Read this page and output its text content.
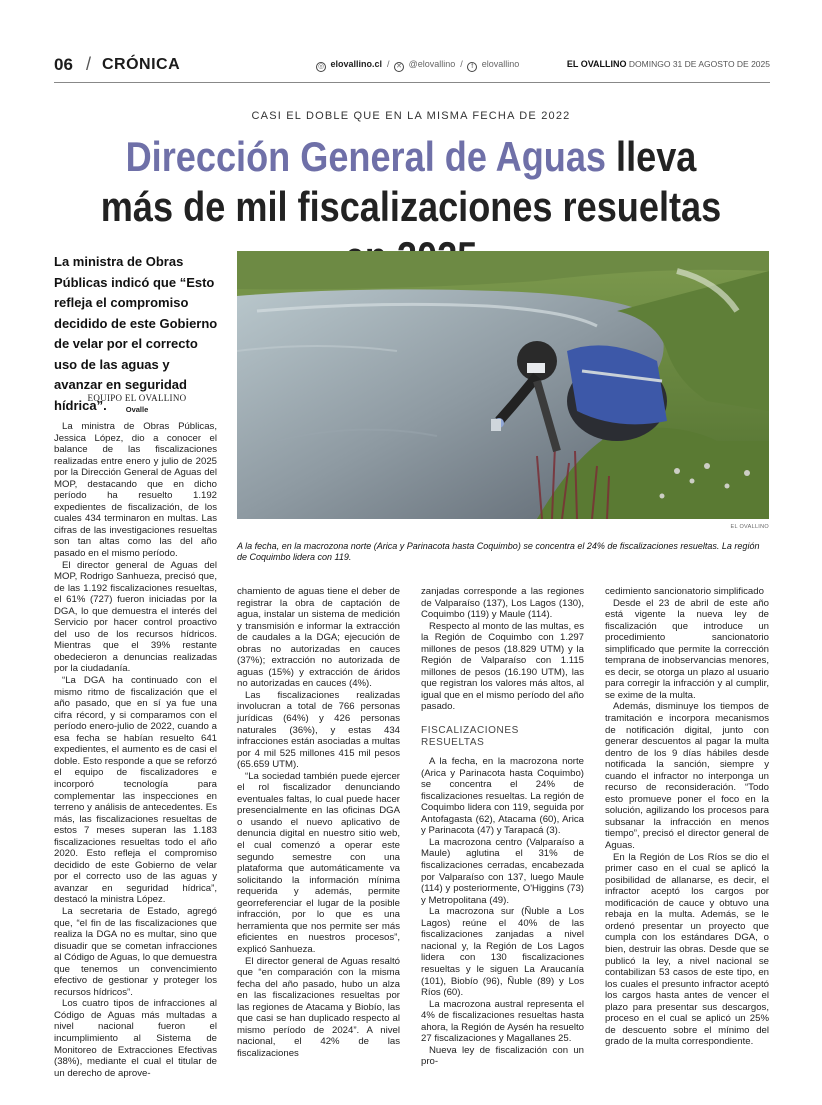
06 / CRÓNICA	◎ elovallino.cl  / ✕ @elovallino  / f elovallino	EL OVALLINO DOMINGO 31 DE AGOSTO DE 2025
CASI EL DOBLE QUE EN LA MISMA FECHA DE 2022
Dirección General de Aguas lleva más de mil fiscalizaciones resueltas
La ministra de Obras Públicas indicó que “Esto refleja el compromiso decidido de este Gobierno de velar por el correcto uso de las aguas y avanzar en seguridad hídrica”.
EQUIPO EL OVALLINO
Ovalle
EL OVALLINO
A la fecha, en la macrozona norte (Arica y Parinacota hasta Coquimbo) se concentra el 24% de fiscalizaciones resueltas. La región de Coquimbo lidera con 119.

La ministra de Obras Públicas, Jessica López, dio a conocer el balance de las fiscalizaciones realizadas entre enero y julio de 2025 por la Dirección General de Aguas del MOP, destacando que en dicho período ha resuelto 1.192 expedientes de fiscalización, de los cuales 434 terminaron en multas. Las cifras de las investigaciones resueltas son tan altas como las del año pasado en el mismo período.

El director general de Aguas del MOP, Rodrigo Sanhueza, precisó que, de las 1.192 fiscalizaciones resueltas, el 61% (727) fueron iniciadas por la DGA, lo que demuestra el interés del Servicio por hacer control proactivo del uso de los recursos hídricos. Mientras que el 39% restante obedecieron a denuncias realizadas por la ciudadanía.

“La DGA ha continuado con el mismo ritmo de fiscalización que el año pasado, que en sí ya fue una cifra récord, y si comparamos con el período enero-julio de 2022, cuando a esa fecha se habían resuelto 641 expedientes, el aumento es de casi el doble. Esto responde a que se reforzó el equipo de fiscalizadores e incorporó tecnología para complementar las inspecciones en terreno y análisis de antecedentes. Es más, las fiscalizaciones resueltas de estos 7 meses superan las 1.183 fiscalizaciones resueltas todo el año 2020. Esto refleja el compromiso decidido de este Gobierno de velar por el correcto uso de las aguas y avanzar en seguridad hídrica”, destacó la ministra López.

La secretaria de Estado, agregó que, “el fin de las fiscalizaciones que realiza la DGA no es multar, sino que disuadir que se cometan infracciones al Código de Aguas, lo que demuestra que tenemos un convencimiento efectivo de gestionar y proteger los recursos hídricos”.

Los cuatro tipos de infracciones al Código de Aguas más multadas a nivel nacional fueron el incumplimiento al Sistema de Monitoreo de Extracciones Efectivas (38%), mediante el cual el titular de un derecho de aprove-

chamiento de aguas tiene el deber de registrar la obra de captación de agua, instalar un sistema de medición y transmisión e informar la extracción de caudales a la DGA; ejecución de obras no autorizadas en cauces (37%); extracción no autorizada de aguas (15%) y extracción de áridos no autorizadas en cauces (4%).

Las fiscalizaciones realizadas involucran a total de 766 personas jurídicas (64%) y 426 personas naturales (36%), y estas 434 infracciones están asociadas a multas por 4 mil 525 millones 415 mil pesos (65.659 UTM).

“La sociedad también puede ejercer el rol fiscalizador denunciando eventuales faltas, lo cual puede hacer presencialmente en las oficinas DGA o usando el nuevo aplicativo de denuncia digital en nuestro sitio web, el cual comenzó a operar este segundo semestre con una plataforma que automáticamente va solicitando la información mínima requerida y además, permite georreferenciar el lugar de la posible infracción, por lo que es una herramienta que nos permite ser más eficientes en nuestros procesos”, explicó Sanhueza.

El director general de Aguas resaltó que “en comparación con la misma fecha del año pasado, hubo un alza en las fiscalizaciones resueltas por las regiones de Atacama y Biobío, las que casi se han duplicado respecto al mismo período de 2024”. A nivel nacional, el 42% de las fiscalizaciones

zanjadas corresponde a las regiones de Valparaíso (137), Los Lagos (130), Coquimbo (119) y Maule (114).

Respecto al monto de las multas, es la Región de Coquimbo con 1.297 millones de pesos (18.829 UTM) y la Región de Valparaíso con 1.115 millones de pesos (16.190 UTM), las que registran los valores más altos, al igual que en el mismo período del año pasado.

FISCALIZACIONES RESUELTAS

A la fecha, en la macrozona norte (Arica y Parinacota hasta Coquimbo) se concentra el 24% de fiscalizaciones resueltas. La región de Coquimbo lidera con 119, seguida por Antofagasta (62), Atacama (60), Arica y Parinacota (47) y Tarapacá (3).

La macrozona centro (Valparaíso a Maule) aglutina el 31% de fiscalizaciones cerradas, encabezada por Valparaíso con 137, luego Maule (114) y posteriormente, O'Higgins (73) y Metropolitana (49).

La macrozona sur (Ñuble a Los Lagos) reúne el 40% de las fiscalizaciones zanjadas a nivel nacional y, la Región de Los Lagos lidera con 130 fiscalizaciones resueltas y le siguen La Araucanía (101), Biobío (96), Ñuble (89) y Los Ríos (60).

La macrozona austral representa el 4% de fiscalizaciones resueltas hasta ahora, la Región de Aysén ha resuelto 27 fiscalizaciones y Magallanes 25.

Nueva ley de fiscalización con un pro-

cedimiento sancionatorio simplificado

Desde el 23 de abril de este año está vigente la nueva ley de fiscalización que introduce un procedimiento sancionatorio simplificado que permite la corrección temprana de inobservancias menores, es decir, se otorga un plazo al usuario para corregir la infracción y al cumplir, se exime de la multa.

Además, disminuye los tiempos de tramitación e incorpora mecanismos de notificación digital, junto con generar descuentos al pagar la multa dentro de los 9 días hábiles desde notificada la sanción, siempre y cuando el infractor no interponga un recurso de reconsideración. “Todo esto promueve poner el foco en la solución, agilizando los procesos para subsanar la infracción en menos tiempo”, precisó el director general de Aguas.

En la Región de Los Ríos se dio el primer caso en el cual se aplicó la posibilidad de allanarse, es decir, el infractor aceptó los cargos por modificación de cauce y obtuvo una rebaja en la multa. Además, se le ordenó presentar un proyecto que cumpla con los estándares DGA, o bien, destruir las obras. Desde que se publicó la ley, a nivel nacional se contabilizan 53 casos de este tipo, en los cuales el presunto infractor aceptó los cargos hasta antes de vencer el plazo para presentar sus descargos, proceso en el cual se aplicó un 25% de descuento sobre el mínimo del grado de la multa correspondiente.
